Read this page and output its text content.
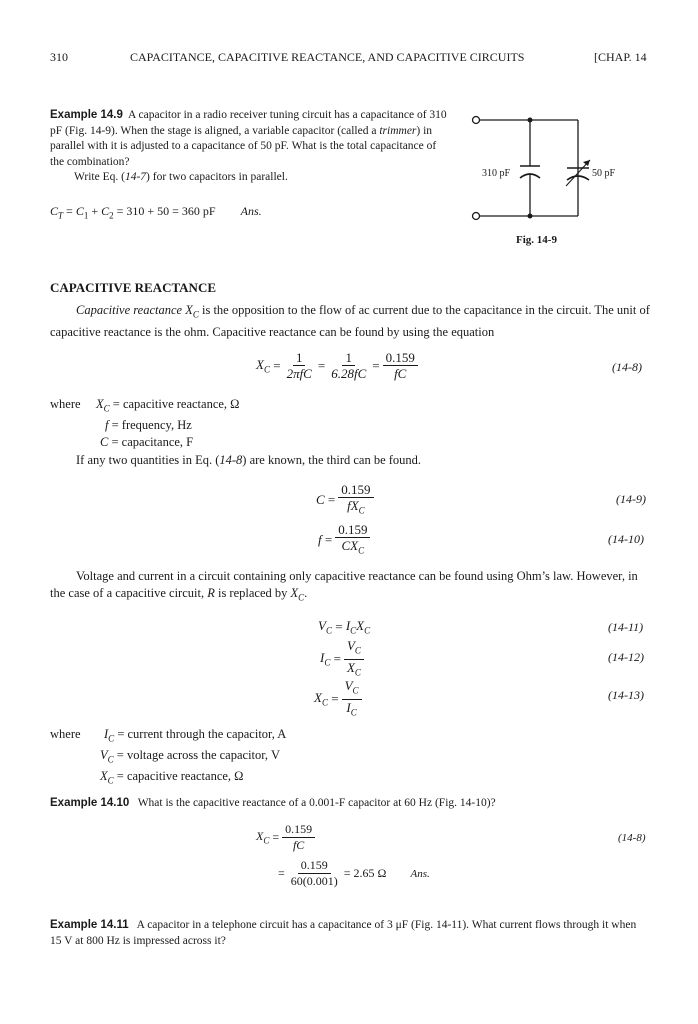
310	CAPACITANCE, CAPACITIVE REACTANCE, AND CAPACITIVE CIRCUITS	[CHAP. 14
Example 14.9 A capacitor in a radio receiver tuning circuit has a capacitance of 310 pF (Fig. 14-9). When the stage is aligned, a variable capacitor (called a trimmer) in parallel with it is adjusted to a capacitance of 50 pF. What is the total capacitance of the combination?
Write Eq. (14-7) for two capacitors in parallel.
$C_T = C_1 + C_2 = 310 + 50 = 360$ pF Ans.
310 pF	50 pF
Fig. 14-9
CAPACITIVE REACTANCE
Capacitive reactance $X_C$ is the opposition to the flow of ac current due to the capacitance in the circuit. The unit of capacitive reactance is the ohm. Capacitive reactance can be found by using the equation
$X_C = \frac{1}{\text{2πfC}} = \frac{1}{6.28fC} = \frac{0.159}{fC}$	(14-8)
where $X_C$ = capacitive reactance, Ω
f = frequency, Hz
C = capacitance, F
If any two quantities in Eq. (14-8) are known, the third can be found.
$C = \frac{0.159}{fX_C}$	(14-9)
$f = \frac{0.159}{CX_C}$	(14-10)
Voltage and current in a circuit containing only capacitive reactance can be found using Ohm’s law. However, in the case of a capacitive circuit, R is replaced by $X_C$.
$V_C = I_CX_C$	(14-11)
$I_C = \frac{V_C}{X_C}$	(14-12)
$X_C = \frac{V_C}{I_C}$	(14-13)
where	$I_C$ = current through the capacitor, A
$V_C$ = voltage across the capacitor, V
$X_C$ = capacitive reactance, Ω
Example 14.10 What is the capacitive reactance of a 0.001-F capacitor at 60 Hz (Fig. 14-10)?
$X_C = \frac{0.159}{fC}$	(14-8)
= $\frac{0.159}{60(0.001)} = 2.65$ Ω Ans.
Example 14.11 A capacitor in a telephone circuit has a capacitance of 3 μF (Fig. 14-11). What current flows through it when 15 V at 800 Hz is impressed across it?
